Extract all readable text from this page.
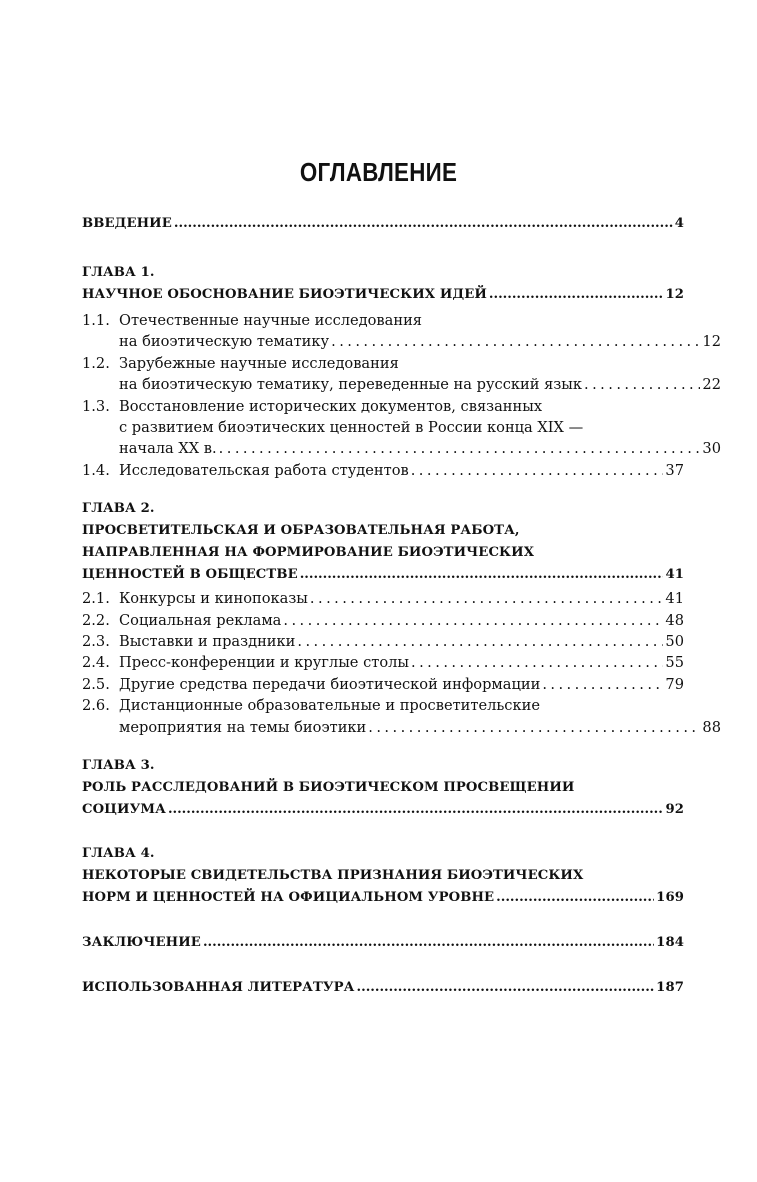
ОГЛАВЛЕНИЕ
ВВЕДЕНИЕ . . .	4
ГЛАВА 1.
НАУЧНОЕ ОБОСНОВАНИЕ БИОЭТИЧЕСКИХ ИДЕЙ . . .	12
1.1. Отечественные научные исследования
на биоэтическую тематику . . .	12
1.2. Зарубежные научные исследования
на биоэтическую тематику, переведенные на русский язык . . .	22
1.3. Восстановление исторических документов, связанных
с развитием биоэтических ценностей в России конца XIX —
начала XX в. . . .	30
1.4. Исследовательская работа студентов . . .	37
ГЛАВА 2.
ПРОСВЕТИТЕЛЬСКАЯ И ОБРАЗОВАТЕЛЬНАЯ РАБОТА,
НАПРАВЛЕННАЯ НА ФОРМИРОВАНИЕ БИОЭТИЧЕСКИХ
ЦЕННОСТЕЙ В ОБЩЕСТВЕ . . .	41
2.1. Конкурсы и кинопоказы . . .	41
2.2. Социальная реклама . . .	48
2.3. Выставки и праздники . . .	50
2.4. Пресс-конференции и круглые столы . . .	55
2.5. Другие средства передачи биоэтической информации . . .	79
2.6. Дистанционные образовательные и просветительские
мероприятия на темы биоэтики . . .	88
ГЛАВА 3.
РОЛЬ РАССЛЕДОВАНИЙ В БИОЭТИЧЕСКОМ ПРОСВЕЩЕНИИ
СОЦИУМА . . .	92
ГЛАВА 4.
НЕКОТОРЫЕ СВИДЕТЕЛЬСТВА ПРИЗНАНИЯ БИОЭТИЧЕСКИХ
НОРМ И ЦЕННОСТЕЙ НА ОФИЦИАЛЬНОМ УРОВНЕ . . .	169
ЗАКЛЮЧЕНИЕ . . .	184
ИСПОЛЬЗОВАННАЯ ЛИТЕРАТУРА . . .	187
